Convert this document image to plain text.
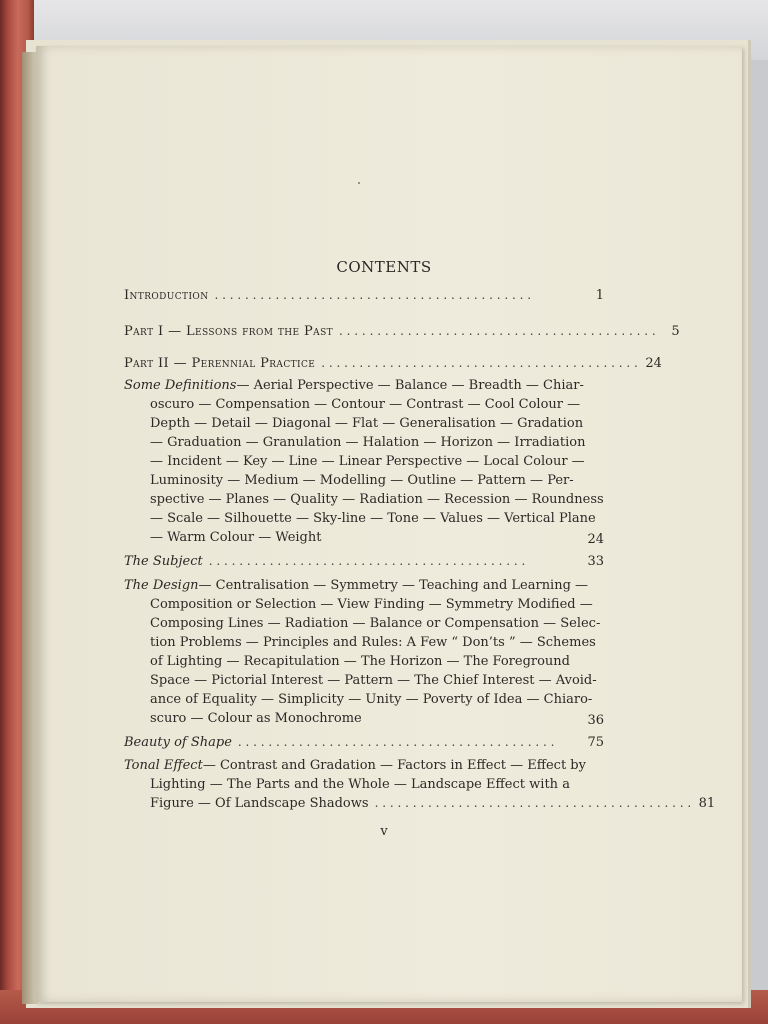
CONTENTS
Introduction . . . . . . . . . . . . . . . . . . . . . . . . . . . . . . . . . . . . . . . . . .	1
Part I — Lessons from the Past . . . . . . . . . . . . . . . . . . . . . . . . . . . . . . . . . . . . . . . . . .	5
Part II — Perennial Practice . . . . . . . . . . . . . . . . . . . . . . . . . . . . . . . . . . . . . . . . . . 24
Some Definitions— Aerial Perspective — Balance — Breadth — Chiar-
oscuro — Compensation — Contour — Contrast — Cool Colour —
Depth — Detail — Diagonal — Flat — Generalisation — Gradation
— Graduation — Granulation — Halation — Horizon — Irradiation
— Incident — Key — Line — Linear Perspective — Local Colour —
Luminosity — Medium — Modelling — Outline — Pattern — Per-
spective — Planes — Quality — Radiation — Recession — Roundness
— Scale — Silhouette — Sky-line — Tone — Values — Vertical Plane
— Warm Colour — Weight	24
The Subject . . . . . . . . . . . . . . . . . . . . . . . . . . . . . . . . . . . . . . . . . .	33
The Design— Centralisation — Symmetry — Teaching and Learning —
Composition or Selection — View Finding — Symmetry Modified —
Composing Lines — Radiation — Balance or Compensation — Selec-
tion Problems — Principles and Rules: A Few “ Don’ts ” — Schemes
of Lighting — Recapitulation — The Horizon — The Foreground
Space — Pictorial Interest — Pattern — The Chief Interest — Avoid-
ance of Equality — Simplicity — Unity — Poverty of Idea — Chiaro-
scuro — Colour as Monochrome	36
Beauty of Shape . . . . . . . . . . . . . . . . . . . . . . . . . . . . . . . . . . . . . . . . . .	75
Tonal Effect— Contrast and Gradation — Factors in Effect — Effect by
Lighting — The Parts and the Whole — Landscape Effect with a
Figure — Of Landscape Shadows . . . . . . . . . . . . . . . . . . . . . . . . . . . . . . . . . . . . . . . . . . 81
v
